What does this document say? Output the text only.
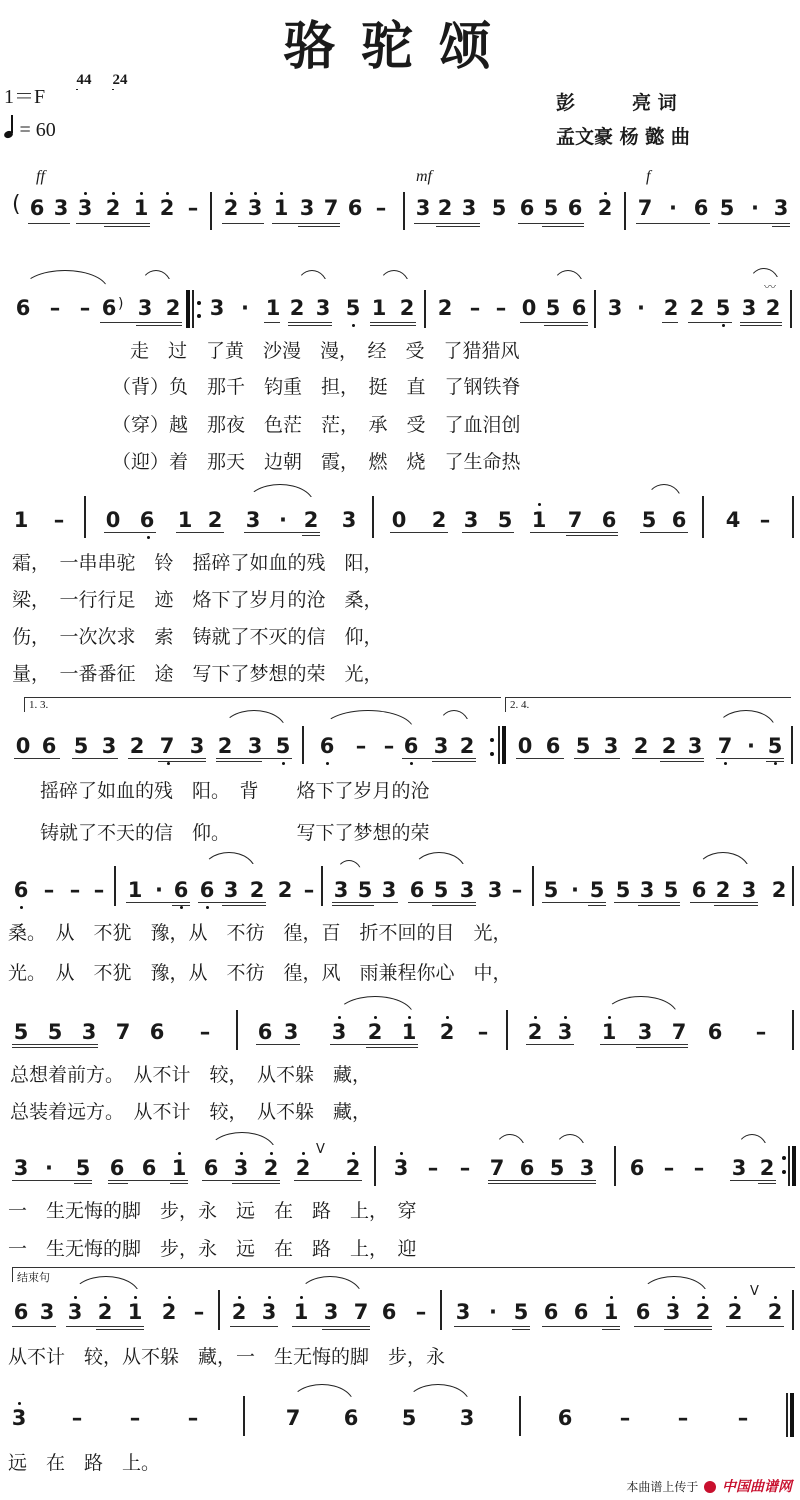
骆驼颂
1＝F
4
4 2
4
= 60
彭　　　亮 词
孟文豪 杨 懿 曲
ff	mf	f
( 6 3 3 2 1 2 – 2 3 1 3 7 6 – 3 2 3 5 6 5 6 2 7 · 6 5 · 3
6 – – 6 ) 3 2 3 · 1 2 3 5 1 2 2 – – 0 5 6 3 · 2 2 5 3 2
〰
走　过　了黄　沙漫　漫，　经　受　了猎猎风
（背）负　那千　钧重　担，　挺　直　了钢铁脊
（穿）越　那夜　色茫　茫，　承　受　了血泪创
（迎）着　那天　边朝　霞，　燃　烧　了生命热
1 – 0 6 1 2 3 · 2 3 0 2 3 5 1 7 6 5 6 4 –
霜，　一串串驼　铃　摇碎了如血的残　阳，
梁，　一行行足　迹　烙下了岁月的沧　桑，
伤，　一次次求　索　铸就了不灭的信　仰，
量，　一番番征　途　写下了梦想的荣　光，
1. 3.	2. 4.
0 6 5 3 2 7 3 2 3 5 6 – – 6 3 2 0 6 5 3 2 2 3 7 · 5
摇碎了如血的残　阳。　背　　烙下了岁月的沧
铸就了不天的信　仰。　　　　写下了梦想的荣
6 – – – 1 · 6 6 3 2 2 – 3 5 3 6 5 3 3 – 5 · 5 5 3 5 6 2 3 2
桑。　从　不犹　豫，从　不彷　徨，百　折不回的目　光，
光。　从　不犹　豫，从　不彷　徨，风　雨兼程你心　中，
5 5 3 7 6 – 6 3 3 2 1 2 – 2 3 1 3 7 6 –
总想着前方。　从不计　较，　从不躲　藏，
总装着远方。　从不计　较，　从不躲　藏，
3 · 5 6 6 1 6 3 2 2
V
2 3 – – 7 6 5 3 6 – – 3 2
一　生无悔的脚　步，永　远　在　路　上，　穿
一　生无悔的脚　步，永　远　在　路　上，　迎
结束句
6 3 3 2 1 2 – 2 3 1 3 7 6 – 3 · 5 6 6 1 6 3 2 2
V
2
从不计　较，从不躲　藏，一　生无悔的脚　步，永
3 – – –	7 6 5 3	6 – – –
远　在　路　上。
本曲谱上传于 中国曲谱网
